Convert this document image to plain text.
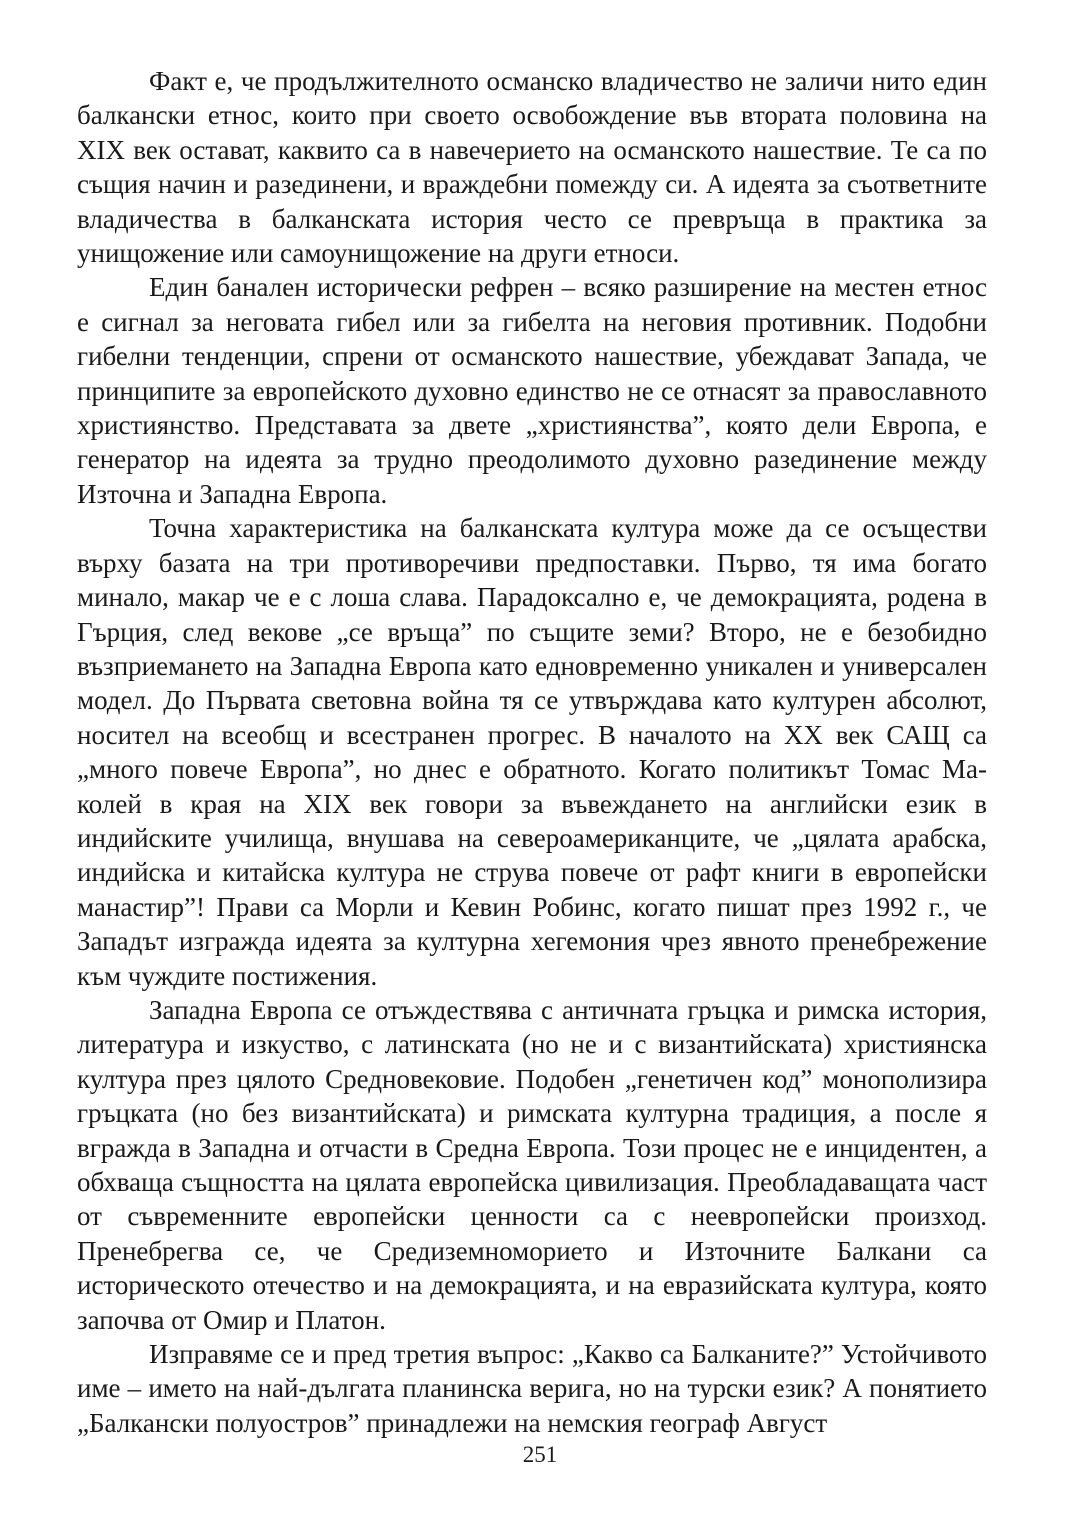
Факт е, че продължителното османско владичество не заличи нито един балкански етнос, които при своето освобождение във втората половина на XIX век остават, каквито са в навечерието на османското нашествие. Те са по същия начин и разединени, и враждебни помежду си. А идеята за съответните владичества в балканската история често се превръща в практика за унищожение или самоунищожение на други етноси.

Един банален исторически рефрен – всяко разширение на местен етнос е сигнал за неговата гибел или за гибелта на неговия противник. Подобни гибелни тенденции, спрени от османското нашествие, убеждават Запада, че принципите за европейското духовно единство не се отнасят за православното християнство. Представата за двете „християнства”, която дели Европа, е генератор на идеята за трудно преодолимото духовно разединение между Източна и Западна Европа.

Точна характеристика на балканската култура може да се осъществи върху базата на три противоречиви предпоставки. Първо, тя има богато минало, макар че е с лоша слава. Парадоксално е, че демокрацията, родена в Гърция, след векове „се връща” по същите земи? Второ, не е безобидно възприемането на Западна Европа като едновременно уникален и универсален модел. До Първата световна война тя се утвърждава като културен абсолют, носител на всеобщ и всестранен прогрес. В началото на XX век САЩ са „много повече Европа”, но днес е обратното. Когато политикът Томас Маколей в края на XIX век говори за въвеждането на английски език в индийските училища, внушава на североамериканците, че „цялата арабска, индийска и китайска култура не струва повече от рафт книги в европейски манастир”! Прави са Морли и Кевин Робинс, когато пишат през 1992 г., че Западът изгражда идеята за културна хегемония чрез явното пренебрежение към чуждите постижения.

Западна Европа се отъждествява с античната гръцка и римска история, литература и изкуство, с латинската (но не и с византийската) християнска култура през цялото Средновековие. Подобен „генетичен код” монополизира гръцката (но без византийската) и римската културна традиция, а после я вгражда в Западна и отчасти в Средна Европа. Този процес не е инцидентен, а обхваща същността на цялата европейска цивилизация. Преобладаващата част от съвременните европейски ценности са с неевропейски произход. Пренебрегва се, че Средиземноморието и Източните Балкани са историческото отечество и на демокрацията, и на евразийската култура, която започва от Омир и Платон.

Изправяме се и пред третия въпрос: „Какво са Балканите?” Устойчивото име – името на най-дългата планинска верига, но на турски език? А понятието „Балкански полуостров” принадлежи на немския географ Август

251
